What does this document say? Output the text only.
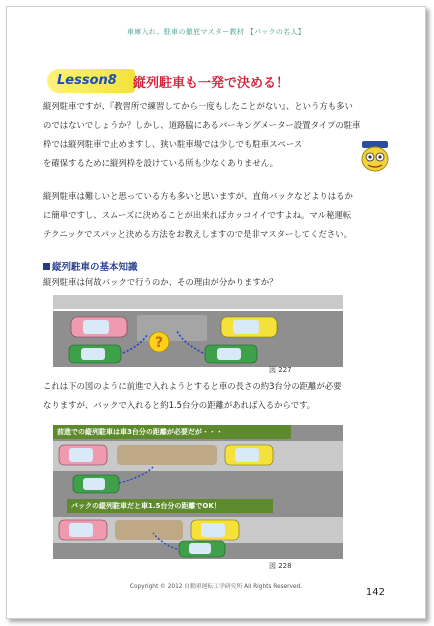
車庫入れ、駐車の徹底マスター教材 【バックの名人】
Lesson8 縦列駐車も一発で決める！
縦列駐車ですが、『教習所で練習してから一度もしたことがない』、という方も多い
のではないでしょうか？しかし、道路脇にあるパーキングメーター設置タイプの駐車
枠では縦列駐車で止めますし、狭い駐車場では少しでも駐車スペース
を確保するために縦列枠を設けている所も少なくありません。
縦列駐車は難しいと思っている方も多いと思いますが、直角バックなどよりはるか
に簡単ですし、スムーズに決めることが出来ればカッコイイですよね。マル秘運転
テクニックでスパッと決める方法をお教えしますので是非マスターしてください。
縦列駐車の基本知識
縦列駐車は何故バックで行うのか、その理由が分かりますか？
?
図 227
これは下の図のように前進で入れようとすると車の長さの約3台分の距離が必要
なりますが、バックで入れると約1.5台分の距離があれば入るからです。
前進での縦列駐車は車3台分の距離が必要だが・・・
バックの縦列駐車だと車1.5台分の距離でOK！
図 228
Copyright © 2012 自動車運転工学研究所 All Rights Reserved.	142
